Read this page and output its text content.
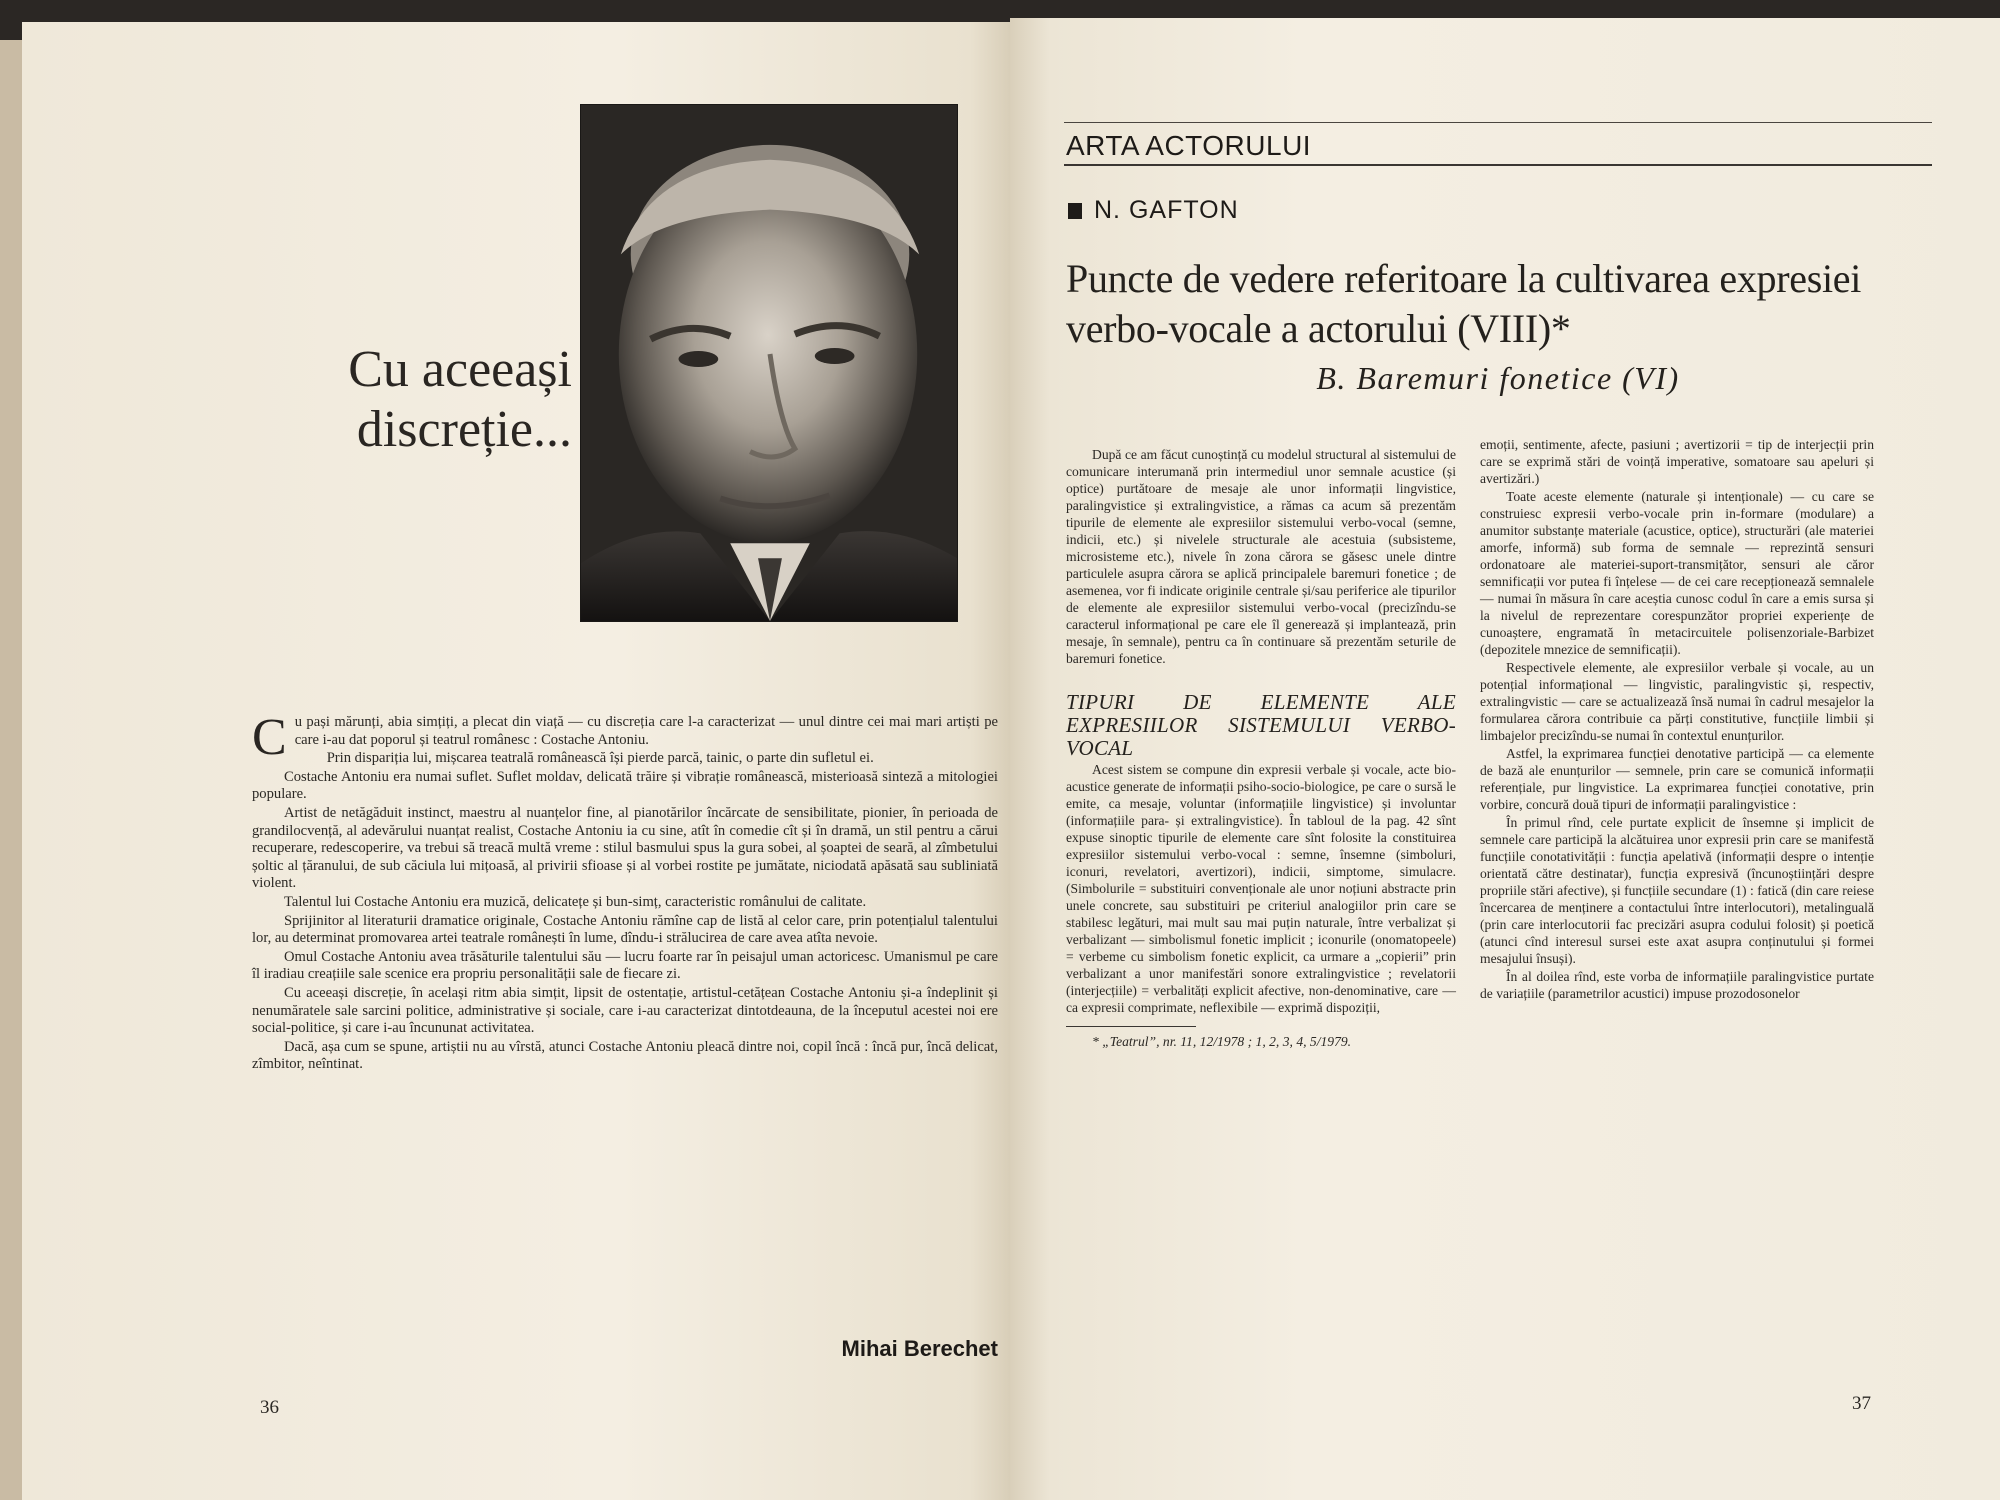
Cu aceeași discreție...

Cu pași mărunți, abia simțiți, a plecat din viață — cu discreția care l-a caracterizat — unul dintre cei mai mari artiști pe care i-au dat poporul și teatrul românesc : Costache Antoniu.

Prin dispariția lui, mișcarea teatrală românească își pierde parcă, tainic, o parte din sufletul ei.

Costache Antoniu era numai suflet. Suflet moldav, delicată trăire și vibrație românească, misterioasă sinteză a mitologiei populare.

Artist de netăgăduit instinct, maestru al nuanțelor fine, al pianotărilor încărcate de sensibilitate, pionier, în perioada de grandilocvență, al adevărului nuanțat realist, Costache Antoniu ia cu sine, atît în comedie cît și în dramă, un stil pentru a cărui recuperare, redescoperire, va trebui să treacă multă vreme : stilul basmului spus la gura sobei, al șoaptei de seară, al zîmbetului șoltic al țăranului, de sub căciula lui mițoasă, al privirii sfioase și al vorbei rostite pe jumătate, niciodată apăsată sau subliniată violent.

Talentul lui Costache Antoniu era muzică, delicatețe și bun-simț, caracteristic românului de calitate.

Sprijinitor al literaturii dramatice originale, Costache Antoniu rămîne cap de listă al celor care, prin potențialul talentului lor, au determinat promovarea artei teatrale românești în lume, dîndu-i strălucirea de care avea atîta nevoie.

Omul Costache Antoniu avea trăsăturile talentului său — lucru foarte rar în peisajul uman actoricesc. Umanismul pe care îl iradiau creațiile sale scenice era propriu personalității sale de fiecare zi.

Cu aceeași discreție, în același ritm abia simțit, lipsit de ostentație, artistul-cetățean Costache Antoniu și-a îndeplinit și nenumăratele sale sarcini politice, administrative și sociale, care i-au caracterizat dintotdeauna, de la începutul acestei noi ere social-politice, și care i-au încununat activitatea.

Dacă, așa cum se spune, artiștii nu au vîrstă, atunci Costache Antoniu pleacă dintre noi, copil încă : încă pur, încă delicat, zîmbitor, neîntinat.

Mihai Berechet
36
ARTA ACTORULUI
N. GAFTON
Puncte de vedere referitoare la cultivarea expresiei verbo-vocale a actorului (VIII)*
B. Baremuri fonetice (VI)

După ce am făcut cunoștință cu modelul structural al sistemului de comunicare interumană prin intermediul unor semnale acustice (și optice) purtătoare de mesaje ale unor informații lingvistice, paralingvistice și extralingvistice, a rămas ca acum să prezentăm tipurile de elemente ale expresiilor sistemului verbo-vocal (semne, indicii, etc.) și nivelele structurale ale acestuia (subsisteme, microsisteme etc.), nivele în zona cărora se găsesc unele dintre particulele asupra cărora se aplică principalele baremuri fonetice ; de asemenea, vor fi indicate originile centrale și/sau periferice ale tipurilor de elemente ale expresiilor sistemului verbo-vocal (precizîndu-se caracterul informațional pe care ele îl generează și implantează, prin mesaje, în semnale), pentru ca în continuare să prezentăm seturile de baremuri fonetice.

TIPURI DE ELEMENTE ALE EXPRESIILOR SISTEMULUI VERBO-VOCAL

Acest sistem se compune din expresii verbale și vocale, acte bio-acustice generate de informații psiho-socio-biologice, pe care o sursă le emite, ca mesaje, voluntar (informațiile lingvistice) și involuntar (informațiile para- și extralingvistice). În tabloul de la pag. 42 sînt expuse sinoptic tipurile de elemente care sînt folosite la constituirea expresiilor sistemului verbo-vocal : semne, însemne (simboluri, iconuri, revelatori, avertizori), indicii, simptome, simulacre. (Simbolurile = substituiri convenționale ale unor noțiuni abstracte prin unele concrete, sau substituiri pe criteriul analogiilor prin care se stabilesc legături, mai mult sau mai puțin naturale, între verbalizat și verbalizant — simbolismul fonetic implicit ; iconurile (onomatopeele) = verbeme cu simbolism fonetic explicit, ca urmare a „copierii” prin verbalizant a unor manifestări sonore extralingvistice ; revelatorii (interjecțiile) = verbalități explicit afective, non-denominative, care — ca expresii comprimate, neflexibile — exprimă dispoziții,

* „Teatrul”, nr. 11, 12/1978 ; 1, 2, 3, 4, 5/1979.

emoții, sentimente, afecte, pasiuni ; avertizorii = tip de interjecții prin care se exprimă stări de voință imperative, somatoare sau apeluri și avertizări.)

Toate aceste elemente (naturale și intenționale) — cu care se construiesc expresii verbo-vocale prin in-formare (modulare) a anumitor substanțe materiale (acustice, optice), structurări (ale materiei amorfe, informă) sub forma de semnale — reprezintă sensuri ordonatoare ale materiei-suport-transmițător, sensuri ale căror semnificații vor putea fi înțelese — de cei care recepționează semnalele — numai în măsura în care aceștia cunosc codul în care a emis sursa și la nivelul de reprezentare corespunzător propriei experiențe de cunoaștere, engramată în metacircuitele polisenzoriale-Barbizet (depozitele mnezice de semnificații).

Respectivele elemente, ale expresiilor verbale și vocale, au un potențial informațional — lingvistic, paralingvistic și, respectiv, extralingvistic — care se actualizează însă numai în cadrul mesajelor la formularea cărora contribuie ca părți constitutive, funcțiile limbii și limbajelor precizîndu-se numai în contextul enunțurilor.

Astfel, la exprimarea funcției denotative participă — ca elemente de bază ale enunțurilor — semnele, prin care se comunică informații referențiale, pur lingvistice. La exprimarea funcției conotative, prin vorbire, concură două tipuri de informații paralingvistice :

În primul rînd, cele purtate explicit de însemne și implicit de semnele care participă la alcătuirea unor expresii prin care se manifestă funcțiile conotativității : funcția apelativă (informații despre o intenție orientată către destinatar), funcția expresivă (încunoștiințări despre propriile stări afective), și funcțiile secundare (1) : fatică (din care reiese încercarea de menținere a contactului între interlocutori), metalinguală (prin care interlocutorii fac precizări asupra codului folosit) și poetică (atunci cînd interesul sursei este axat asupra conținutului și formei mesajului însuși).

În al doilea rînd, este vorba de informațiile paralingvistice purtate de variațiile (parametrilor acustici) impuse prozodosonelor

37
